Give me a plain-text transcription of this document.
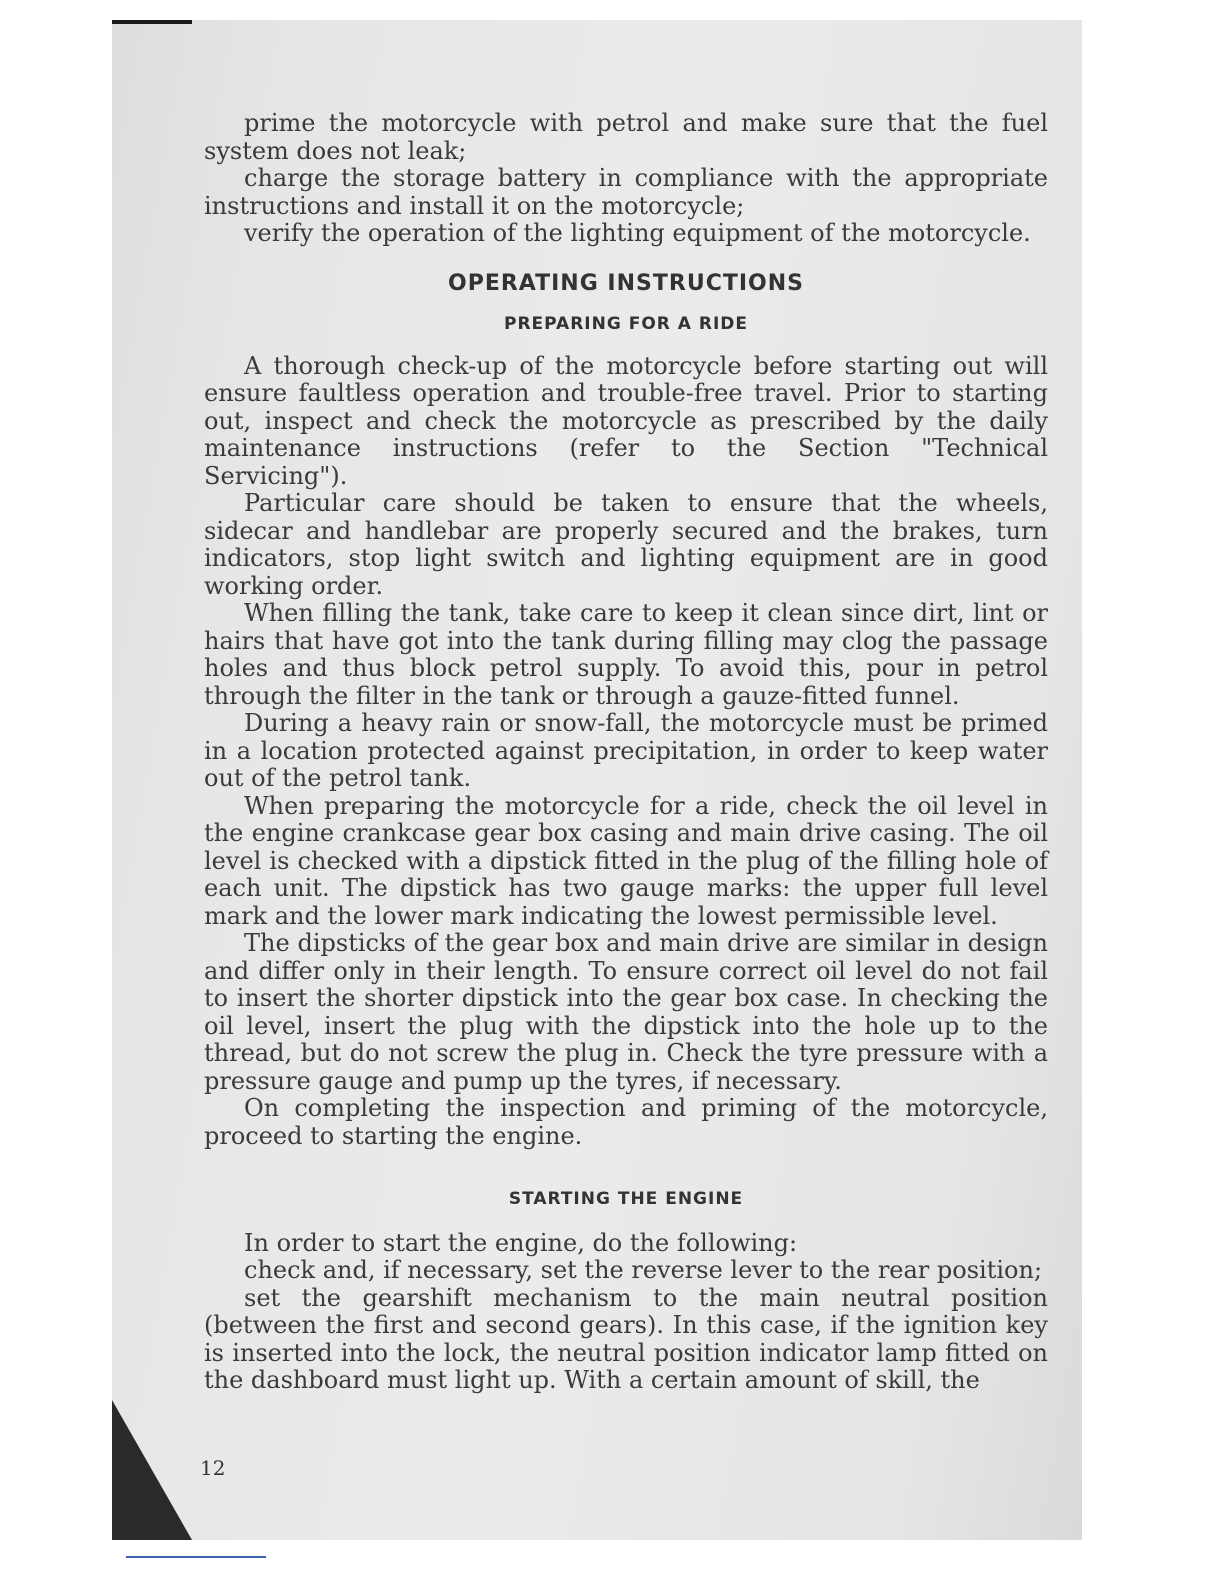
prime the motorcycle with petrol and make sure that the fuel system does not leak;

charge the storage battery in compliance with the appropriate instructions and install it on the motorcycle;

verify the operation of the lighting equipment of the motorcycle.

OPERATING INSTRUCTIONS
PREPARING FOR A RIDE

A thorough check-up of the motorcycle before starting out will ensure faultless operation and trouble-free travel. Prior to starting out, inspect and check the motorcycle as prescribed by the daily maintenance instructions (refer to the Section "Technical Servicing").

Particular care should be taken to ensure that the wheels, sidecar and handlebar are properly secured and the brakes, turn indicators, stop light switch and lighting equipment are in good working order.

When filling the tank, take care to keep it clean since dirt, lint or hairs that have got into the tank during filling may clog the passage holes and thus block petrol supply. To avoid this, pour in petrol through the filter in the tank or through a gauze-fitted funnel.

During a heavy rain or snow-fall, the motorcycle must be primed in a location protected against precipitation, in order to keep water out of the petrol tank.

When preparing the motorcycle for a ride, check the oil level in the engine crankcase gear box casing and main drive casing. The oil level is checked with a dipstick fitted in the plug of the filling hole of each unit. The dipstick has two gauge marks: the upper full level mark and the lower mark indicating the lowest permissible level.

The dipsticks of the gear box and main drive are similar in design and differ only in their length. To ensure correct oil level do not fail to insert the shorter dipstick into the gear box case. In checking the oil level, insert the plug with the dipstick into the hole up to the thread, but do not screw the plug in. Check the tyre pressure with a pressure gauge and pump up the tyres, if necessary.

On completing the inspection and priming of the motorcycle, proceed to starting the engine.

STARTING THE ENGINE

In order to start the engine, do the following:

check and, if necessary, set the reverse lever to the rear position;

set the gearshift mechanism to the main neutral position (between the first and second gears). In this case, if the ignition key is inserted into the lock, the neutral position indicator lamp fitted on the dashboard must light up. With a certain amount of skill, the

12
